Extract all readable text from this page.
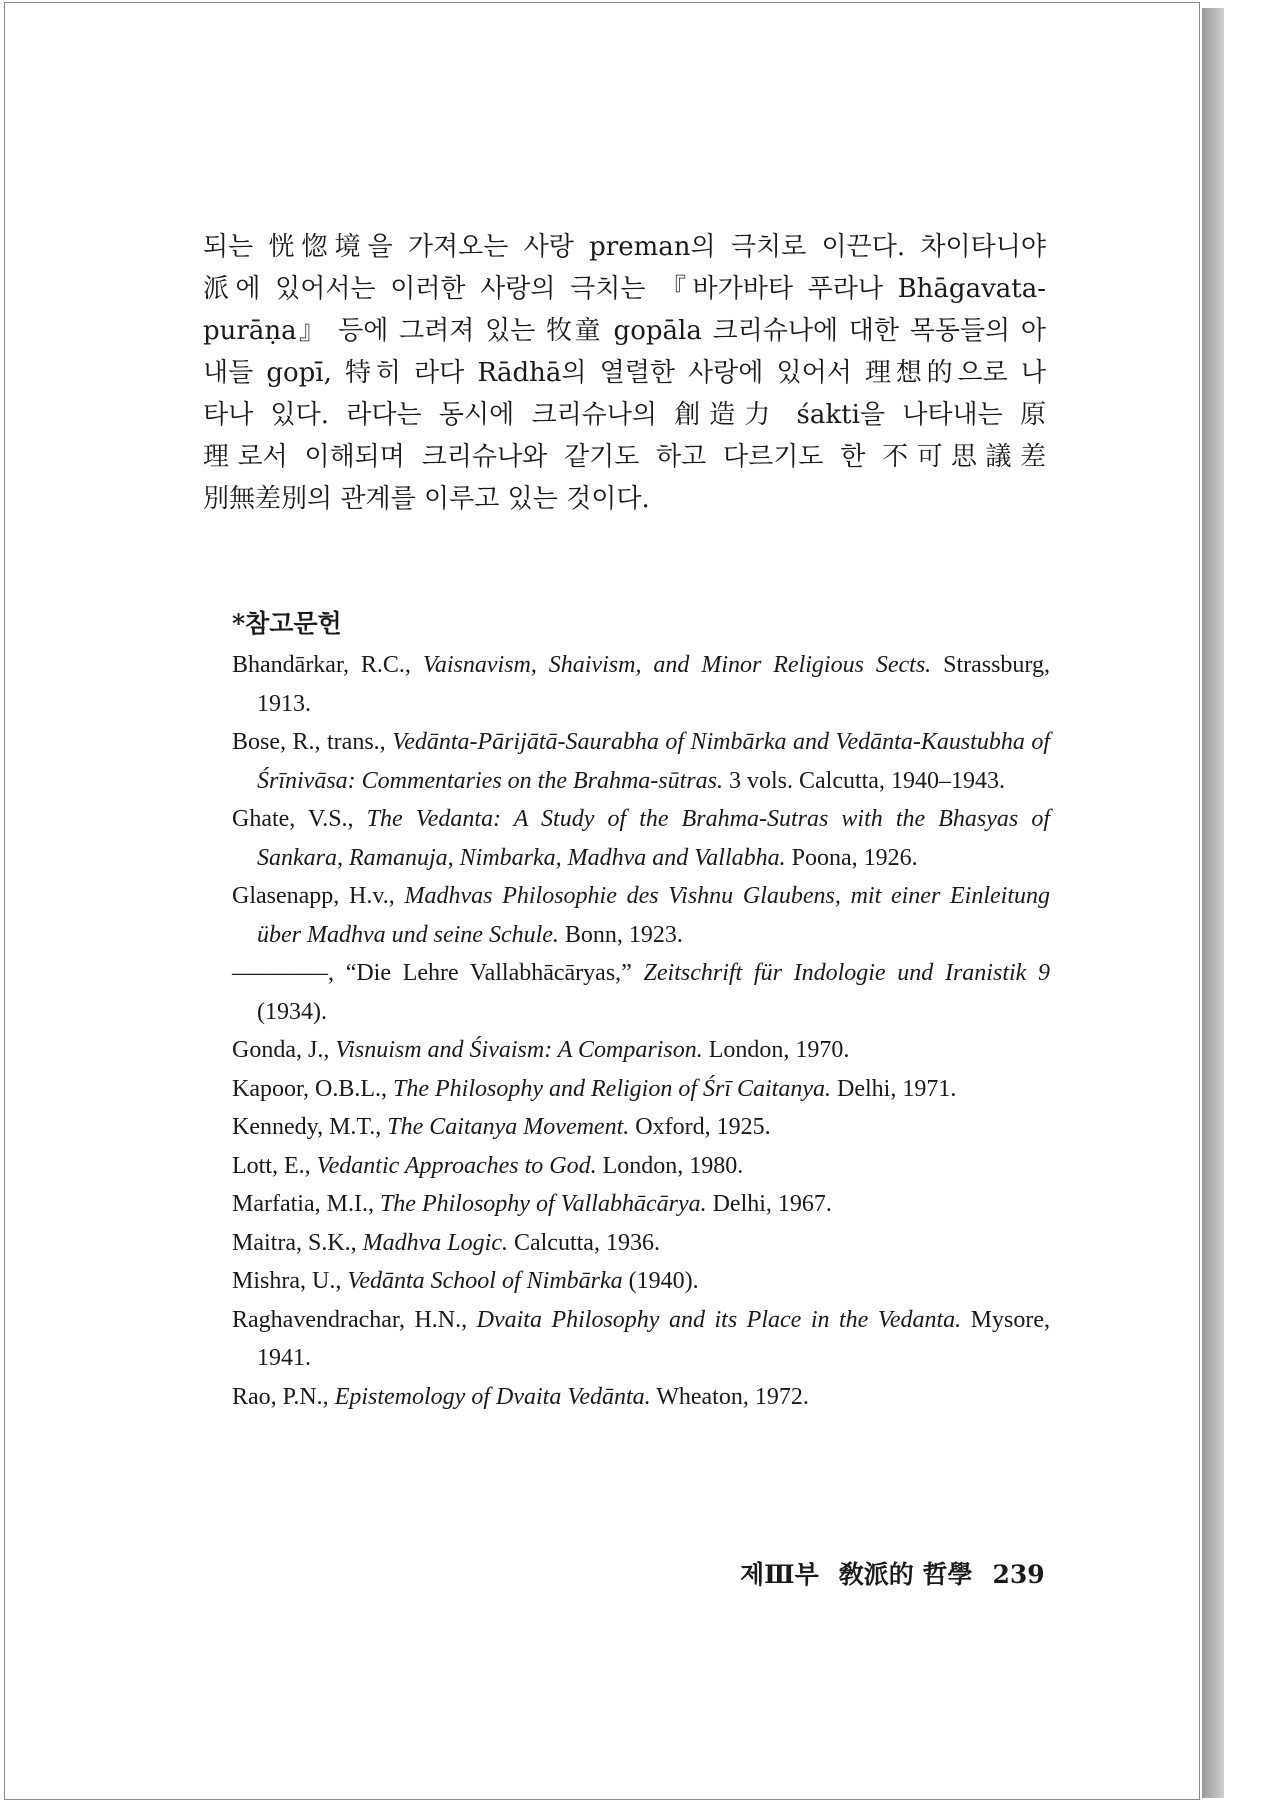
되는 恍惚境을 가져오는 사랑 preman의 극치로 이끈다. 차이타니야
派에 있어서는 이러한 사랑의 극치는 『바가바타 푸라나 Bhāgavata-
purāṇa』 등에 그려져 있는 牧童 gopāla 크리슈나에 대한 목동들의 아
내들 gopī, 特히 라다 Rādhā의 열렬한 사랑에 있어서 理想的으로 나
타나 있다. 라다는 동시에 크리슈나의 創造力 śakti을 나타내는 原
理로서 이해되며 크리슈나와 같기도 하고 다르기도 한 不可思議差
別無差別의 관계를 이루고 있는 것이다.
*참고문헌
Bhandārkar, R.C., Vaisnavism, Shaivism, and Minor Religious Sects. Strassburg, 1913.
Bose, R., trans., Vedānta-Pārijātā-Saurabha of Nimbārka and Vedānta-Kaustubha of Śrīnivāsa: Commentaries on the Brahma-sūtras. 3 vols. Calcutta, 1940–1943.
Ghate, V.S., The Vedanta: A Study of the Brahma-Sutras with the Bhasyas of Sankara, Ramanuja, Nimbarka, Madhva and Vallabha. Poona, 1926.
Glasenapp, H.v., Madhvas Philosophie des Vishnu Glaubens, mit einer Einleitung über Madhva und seine Schule. Bonn, 1923.
————, “Die Lehre Vallabhācāryas,” Zeitschrift für Indologie und Iranistik 9 (1934).
Gonda, J., Visnuism and Śivaism: A Comparison. London, 1970.
Kapoor, O.B.L., The Philosophy and Religion of Śrī Caitanya. Delhi, 1971.
Kennedy, M.T., The Caitanya Movement. Oxford, 1925.
Lott, E., Vedantic Approaches to God. London, 1980.
Marfatia, M.I., The Philosophy of Vallabhācārya. Delhi, 1967.
Maitra, S.K., Madhva Logic. Calcutta, 1936.
Mishra, U., Vedānta School of Nimbārka (1940).
Raghavendrachar, H.N., Dvaita Philosophy and its Place in the Vedanta. Mysore, 1941.
Rao, P.N., Epistemology of Dvaita Vedānta. Wheaton, 1972.
제Ⅲ부 敎派的 哲學 239
